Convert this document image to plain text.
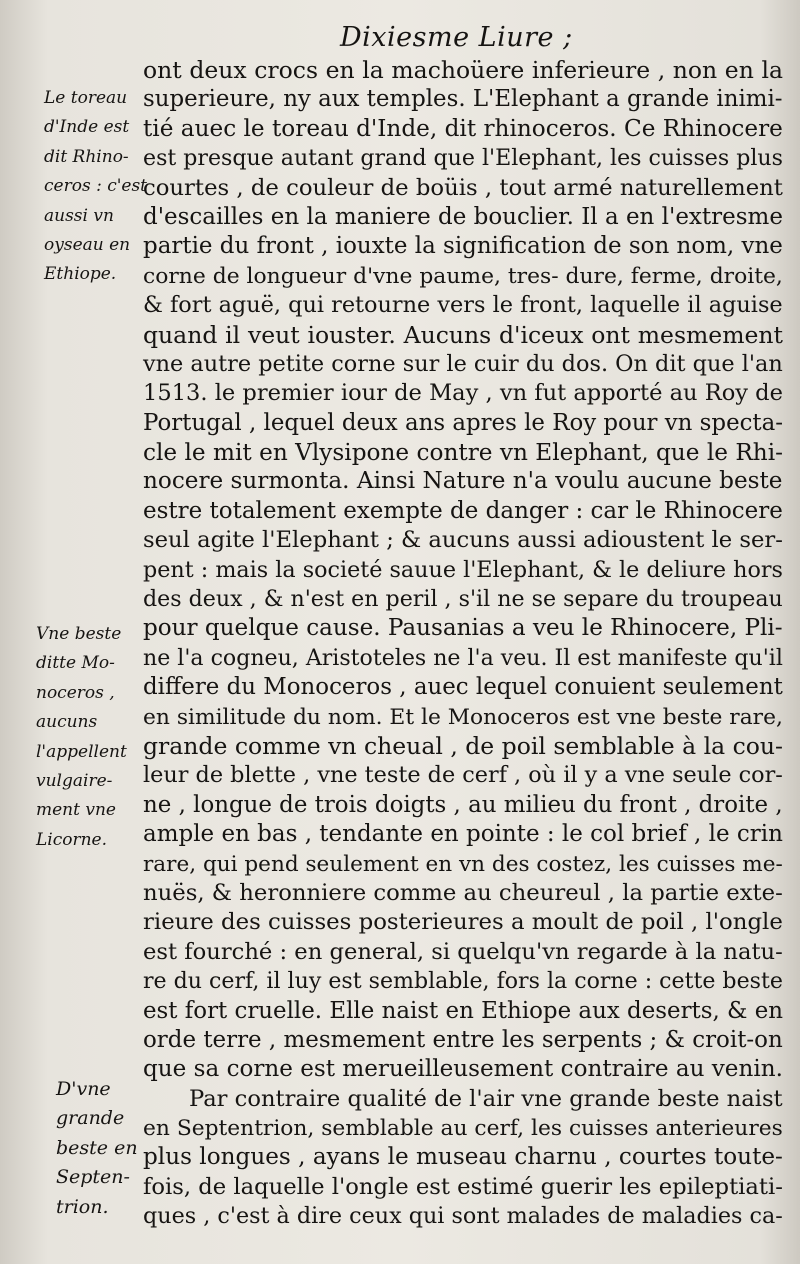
Dixiesme Liure ;
Le toreau
d'Inde est
dit Rhino-
ceros : c'est
aussi vn
oyseau en
Ethiope.
Vne beste
ditte Mo-
noceros ,
aucuns
l'appellent
vulgaire-
ment vne
Licorne.
D'vne
grande
beste en
Septen-
trion.
ont deux crocs en la machoüere inferieure , non en la
superieure, ny aux temples. L'Elephant a grande inimi-
tié auec le toreau d'Inde, dit rhinoceros. Ce Rhinocere
est presque autant grand que l'Elephant, les cuisses plus
courtes , de couleur de boüis , tout armé naturellement
d'escailles en la maniere de bouclier. Il a en l'extresme
partie du front , iouxte la signification de son nom, vne
corne de longueur d'vne paume, tres- dure, ferme, droite,
& fort aguë, qui retourne vers le front, laquelle il aguise
quand il veut iouster. Aucuns d'iceux ont mesmement
vne autre petite corne sur le cuir du dos. On dit que l'an
1513. le premier iour de May , vn fut apporté au Roy de
Portugal , lequel deux ans apres le Roy pour vn specta-
cle le mit en Vlysipone contre vn Elephant, que le Rhi-
nocere surmonta. Ainsi Nature n'a voulu aucune beste
estre totalement exempte de danger : car le Rhinocere
seul agite l'Elephant ; & aucuns aussi adioustent le ser-
pent : mais la societé sauue l'Elephant, & le deliure hors
des deux , & n'est en peril , s'il ne se separe du troupeau
pour quelque cause. Pausanias a veu le Rhinocere, Pli-
ne l'a cogneu, Aristoteles ne l'a veu. Il est manifeste qu'il
differe du Monoceros , auec lequel conuient seulement
en similitude du nom. Et le Monoceros est vne beste rare,
grande comme vn cheual , de poil semblable à la cou-
leur de blette , vne teste de cerf , où il y a vne seule cor-
ne , longue de trois doigts , au milieu du front , droite ,
ample en bas , tendante en pointe : le col brief , le crin
rare, qui pend seulement en vn des costez, les cuisses me-
nuës, & heronniere comme au cheureul , la partie exte-
rieure des cuisses posterieures a moult de poil , l'ongle
est fourché : en general, si quelqu'vn regarde à la natu-
re du cerf, il luy est semblable, fors la corne : cette beste
est fort cruelle. Elle naist en Ethiope aux deserts, & en
orde terre , mesmement entre les serpents ; & croit-on
que sa corne est merueilleusement contraire au venin.
Par contraire qualité de l'air vne grande beste naist
en Septentrion, semblable au cerf, les cuisses anterieures
plus longues , ayans le museau charnu , courtes toute-
fois, de laquelle l'ongle est estimé guerir les epileptiati-
ques , c'est à dire ceux qui sont malades de maladies ca-
